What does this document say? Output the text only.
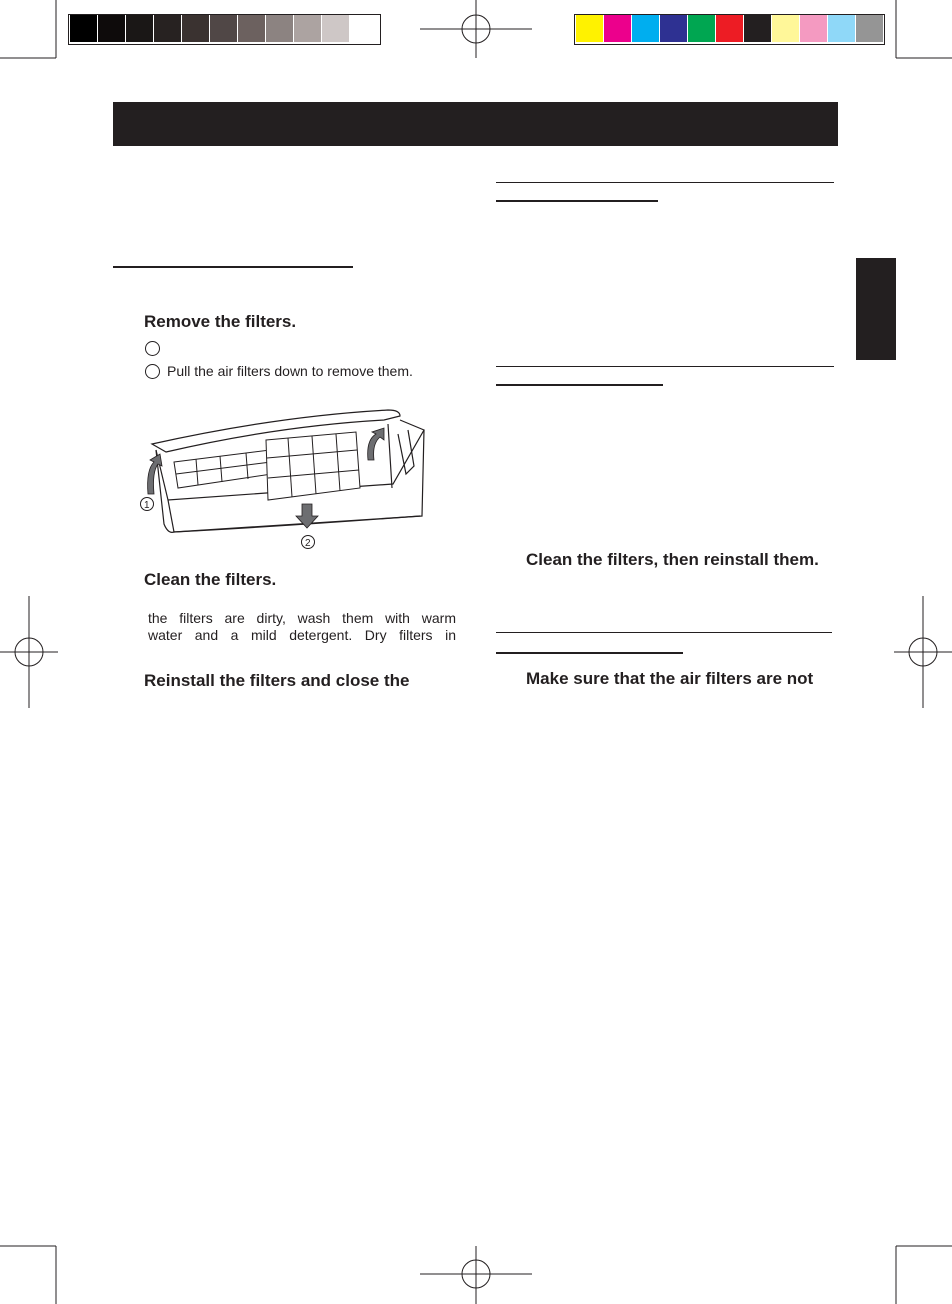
Remove the filters.
Pull the air filters down to remove them.
1
2
Clean the filters.
the filters are dirty, wash them with warm
water and a mild detergent. Dry filters in
Reinstall the filters and close the
Clean the filters, then reinstall them.
Make sure that the air filters are not
